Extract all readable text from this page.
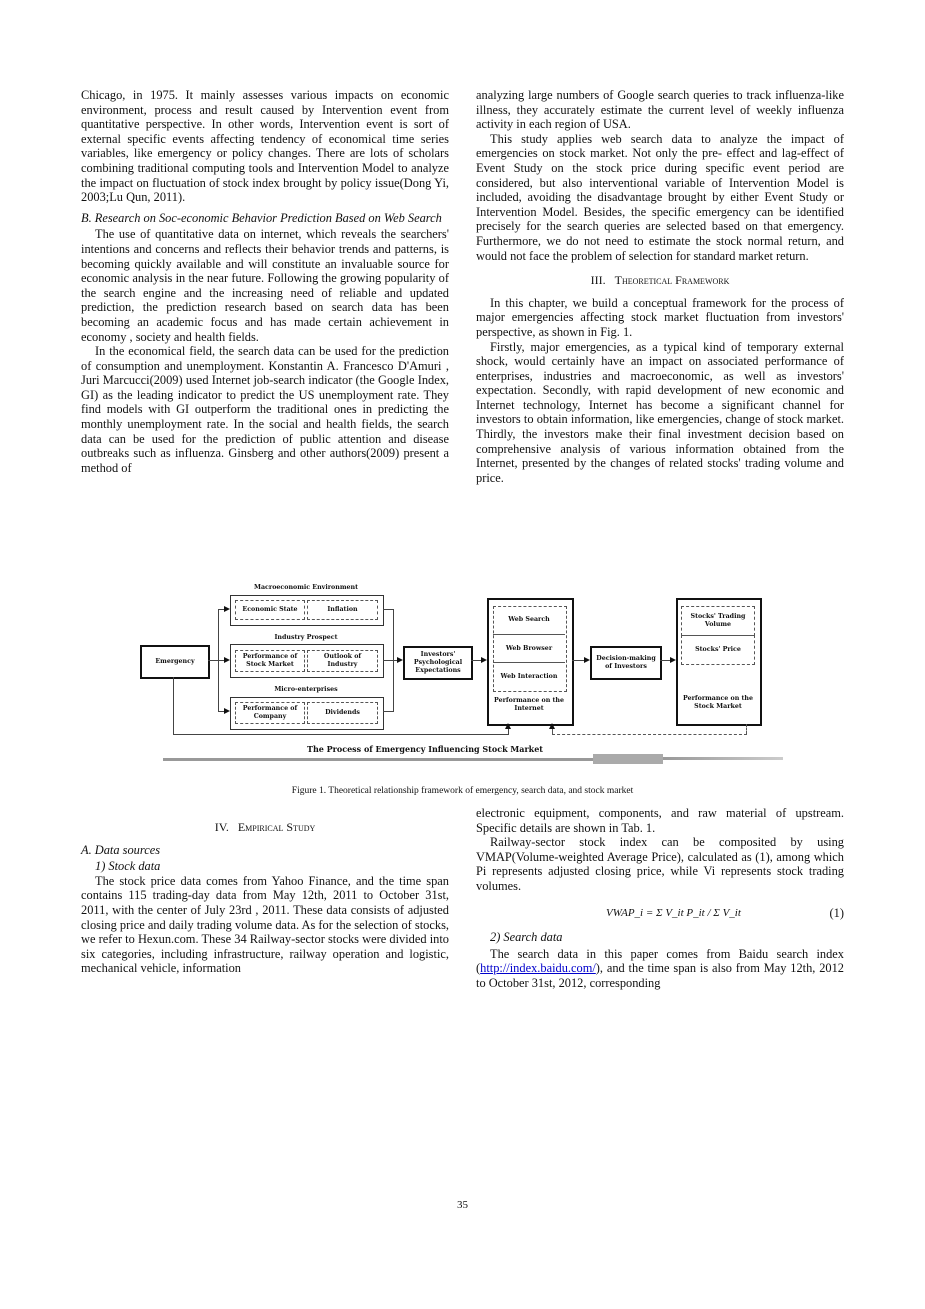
Chicago, in 1975. It mainly assesses various impacts on economic environment, process and result caused by Intervention event from quantitative perspective. In other words, Intervention event is sort of external specific events affecting tendency of economical time series variables, like emergency or policy changes. There are lots of scholars combining traditional computing tools and Intervention Model to analyze the impact on fluctuation of stock index brought by policy issue(Dong Yi, 2003;Lu Qun, 2011).

B. Research on Soc-economic Behavior Prediction Based on Web Search

The use of quantitative data on internet, which reveals the searchers' intentions and concerns and reflects their behavior trends and patterns, is becoming quickly available and will constitute an invaluable source for economic analysis in the near future. Following the growing popularity of the search engine and the increasing need of reliable and updated prediction, the prediction research based on search data has been becoming an academic focus and has made certain achievement in economy , society and health fields.

In the economical field, the search data can be used for the prediction of consumption and unemployment. Konstantin A. Francesco D'Amuri , Juri Marcucci(2009) used Internet job-search indicator (the Google Index, GI) as the leading indicator to predict the US unemployment rate. They find models with GI outperform the traditional ones in predicting the monthly unemployment rate. In the social and health fields, the search data can be used for the prediction of public attention and disease outbreaks such as influenza. Ginsberg and other authors(2009) present a method of

analyzing large numbers of Google search queries to track influenza-like illness, they accurately estimate the current level of weekly influenza activity in each region of USA.

This study applies web search data to analyze the impact of emergencies on stock market. Not only the pre- effect and lag-effect of Event Study on the stock price during specific event period are considered, but also interventional variable of Intervention Model is included, avoiding the disadvantage brought by either Event Study or Intervention Model. Besides, the specific emergency can be identified precisely for the search queries are selected based on that emergency. Furthermore, we do not need to estimate the stock normal return, and would not face the problem of selection for standard market return.

III. Theoretical Framework

In this chapter, we build a conceptual framework for the process of major emergencies affecting stock market fluctuation from investors' perspective, as shown in Fig. 1.

Firstly, major emergencies, as a typical kind of temporary external shock, would certainly have an impact on associated performance of enterprises, industries and macroeconomic, as well as investors' expectation. Secondly, with rapid development of new economic and Internet technology, Internet has become a significant channel for investors to obtain information, like emergencies, change of stock market. Thirdly, the investors make their final investment decision based on comprehensive analysis of various information obtained from the Internet, presented by the changes of related stocks' trading volume and price.

Macroeconomic Environment
Economic State	Inflation
Industry Prospect
Performance of Stock Market
Outlook of Industry
Micro-enterprises
Performance of Company
Dividends
Emergency
Investors' Psychological Expectations
Web Search
Web Browser
Web Interaction
Performance on the Internet
Decision-making of Investors
Stocks' Trading Volume
Stocks' Price
Performance on the Stock Market
The Process of Emergency Influencing Stock Market
Figure 1. Theoretical relationship framework of emergency, search data, and stock market
IV. Empirical Study
A. Data sources
1) Stock data

The stock price data comes from Yahoo Finance, and the time span contains 115 trading-day data from May 12th, 2011 to October 31st, 2011, with the center of July 23rd , 2011. These data consists of adjusted closing price and daily trading volume data. As for the selection of stocks, we refer to Hexun.com. These 34 Railway-sector stocks were divided into six categories, including infrastructure, railway operation and logistic, mechanical vehicle, information

electronic equipment, components, and raw material of upstream. Specific details are shown in Tab. 1.

Railway-sector stock index can be composited by using VMAP(Volume-weighted Average Price), calculated as (1), among which Pi represents adjusted closing price, while Vi represents stock trading volumes.

VWAP_i = Σ V_it P_it / Σ V_it	(1)
2) Search data

The search data in this paper comes from Baidu search index (http://index.baidu.com/), and the time span is also from May 12th, 2012 to October 31st, 2012, corresponding

35
